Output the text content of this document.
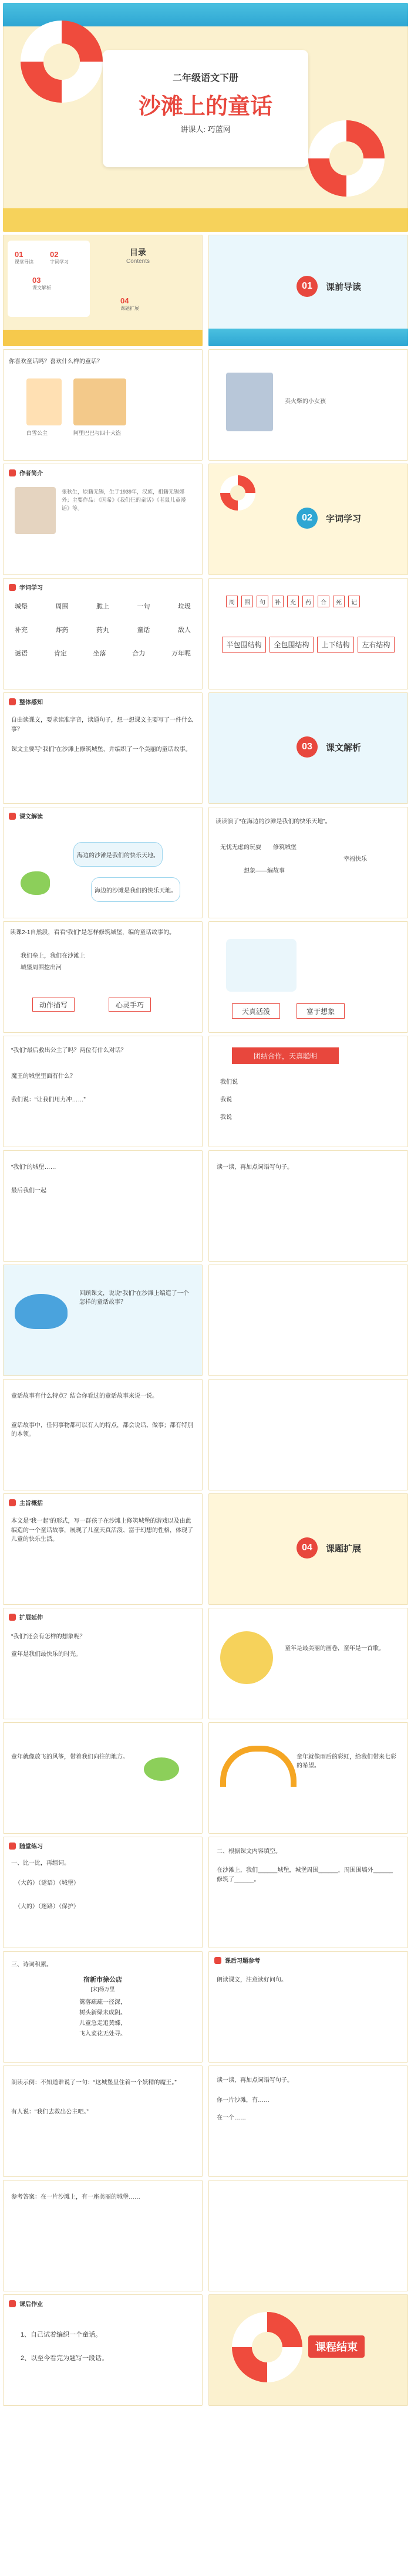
二年级语文下册
沙滩上的童话
讲课人: 巧蓝网
01
课堂导读
02
字词学习
03
课文解析
目录
Contents
04
课题扩展
01	课前导读
你喜欢童话吗？喜欢什么样的童话？
白雪公主	阿里巴巴与四十大盗
卖火柴的小女孩
作者简介
张秋生，原籍无锡，生于1939年，汉族，祖籍无锡郊外；主要作品：《因希》《我们仨的童话》《老鼠儿童漫话》等。
02	字词学习
字词学习
城堡	周围	脆上	一句	垃圾
补充	炸药	药丸	童话	敌人
谜语	肯定	坐落	合力	万年呢
周	围	句	补	充	药	合	死	记
半包围结构	全包围结构	上下结构	左右结构
整体感知
自由读课文，要求读准字音，读通句子，想一想课文主要写了一件什么事？
课文主要写“我们”在沙滩上修筑城堡，并编织了一个美丽的童话故事。	03	课文解析
课文解读
海边的沙滩是我们的快乐天地。
海边的沙滩是我们的快乐天地。
读读演了“在海边的沙滩是我们的快乐天地”。
无忧无虑的玩耍 修筑城堡
想象——编故事
幸福快乐
读课2-1自然段，看看“我们”是怎样修筑城堡，编的童话故事的。
我们垒上，我们在沙滩上
城堡周围挖出河
动作描写	心灵手巧
天真活泼	富于想象
“我们”最后救出公主了吗？两位有什么对话？
魔王的城堡里面有什么？
我们说：“让我们用力冲……”
团结合作，天真聪明
我们说
我说
我说
“我们”的城堡……
最后我们一起
读一读，再加点词语写句子。
回顾课文，说说“我们”在沙滩上编造了一个怎样的童话故事？
童话故事有什么特点？结合你看过的童话故事来说一说。
童话故事中，任何事物都可以有人的特点，都会说话、做事；都有特别的本领。
主旨概括
本文是“我一起”的形式，写一群孩子在沙滩上修筑城堡的游戏以及由此编造的一个童话故事，展现了儿童天真活泼、富于幻想的性格，体现了儿童的快乐生活。
04	课题扩展
扩展延伸
“我们”还会有怎样的想象呢？
童年是我们最快乐的时光。
童年是最美丽的画卷，童年是一首歌。
童年就像放飞的风筝，带着我们向往的地方。	童年就像雨后的彩虹，给我们带来七彩的希望。
随堂练习
一、比一比，再组词。
（大药）（谜语）（城堡）
（大的）（迷路）（保护）
二、根据课文内容填空。
在沙滩上，我们______城堡，城堡周围______，周围围墙外______修筑了______。
三、诗词积累。
宿新市徐公店
[宋]杨万里
篱落疏疏一径深，
树头新绿未成阴。
儿童急走追黄蝶，
飞入菜花无处寻。
课后习题参考
朗读课文，注意读好问句。
朗读示例：不知道谁说了一句：“这城堡里住着一个妖精的魔王。”
有人说：“我们去救出公主吧。”
读一读，再加点词语写句子。
你一片沙滩，有……
在一个……
参考答案：在一片沙滩上，有一座美丽的城堡……
课后作业
1、自己试着编织一个童话。
2、以至今看完为题写一段话。
课程结束
